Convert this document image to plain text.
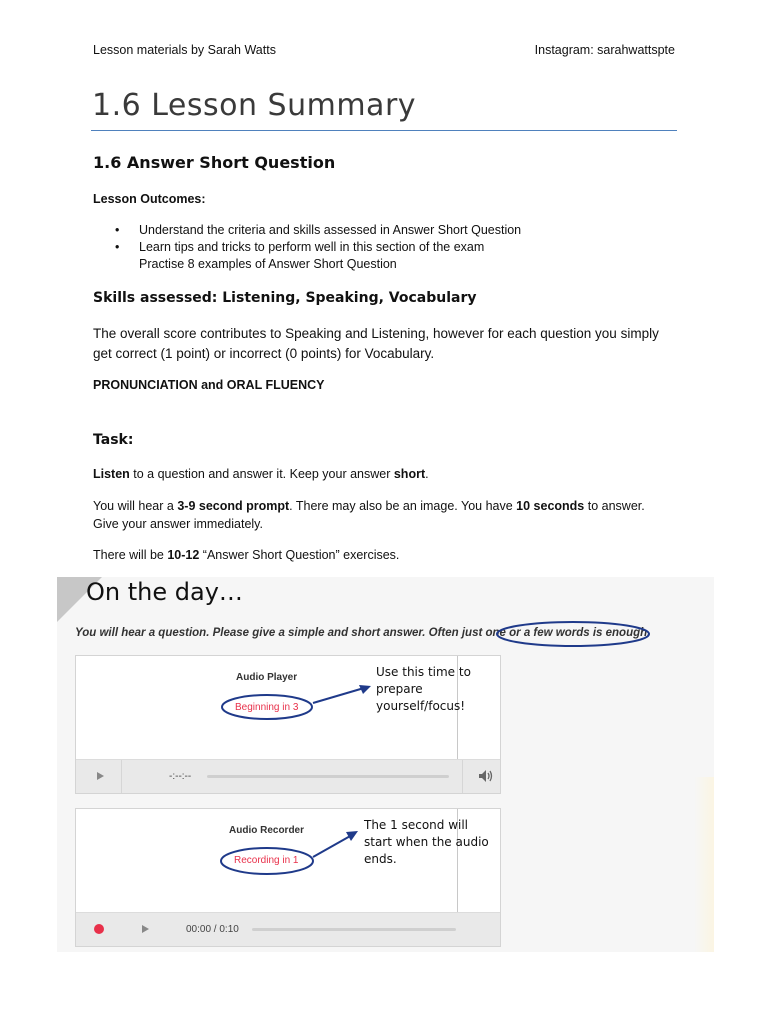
Lesson materials by Sarah Watts	Instagram: sarahwattspte
1.6 Lesson Summary
1.6 Answer Short Question
Lesson Outcomes:
• Understand the criteria and skills assessed in Answer Short Question
• Learn tips and tricks to perform well in this section of the exam
Practise 8 examples of Answer Short Question
Skills assessed: Listening, Speaking, Vocabulary
The overall score contributes to Speaking and Listening, however for each question you simply get correct (1 point) or incorrect (0 points) for Vocabulary.
PRONUNCIATION and ORAL FLUENCY
Task:
Listen to a question and answer it. Keep your answer short.
You will hear a 3-9 second prompt. There may also be an image. You have 10 seconds to answer. Give your answer immediately.
There will be 10-12 “Answer Short Question” exercises.
On the day…
You will hear a question. Please give a simple and short answer. Often just one or a few words is enough.
Audio Player
Beginning in 3
-:--:--
Audio Recorder
Recording in 1
00:00 / 0:10
Use this time to prepare yourself/focus!
The 1 second will start when the audio ends.
